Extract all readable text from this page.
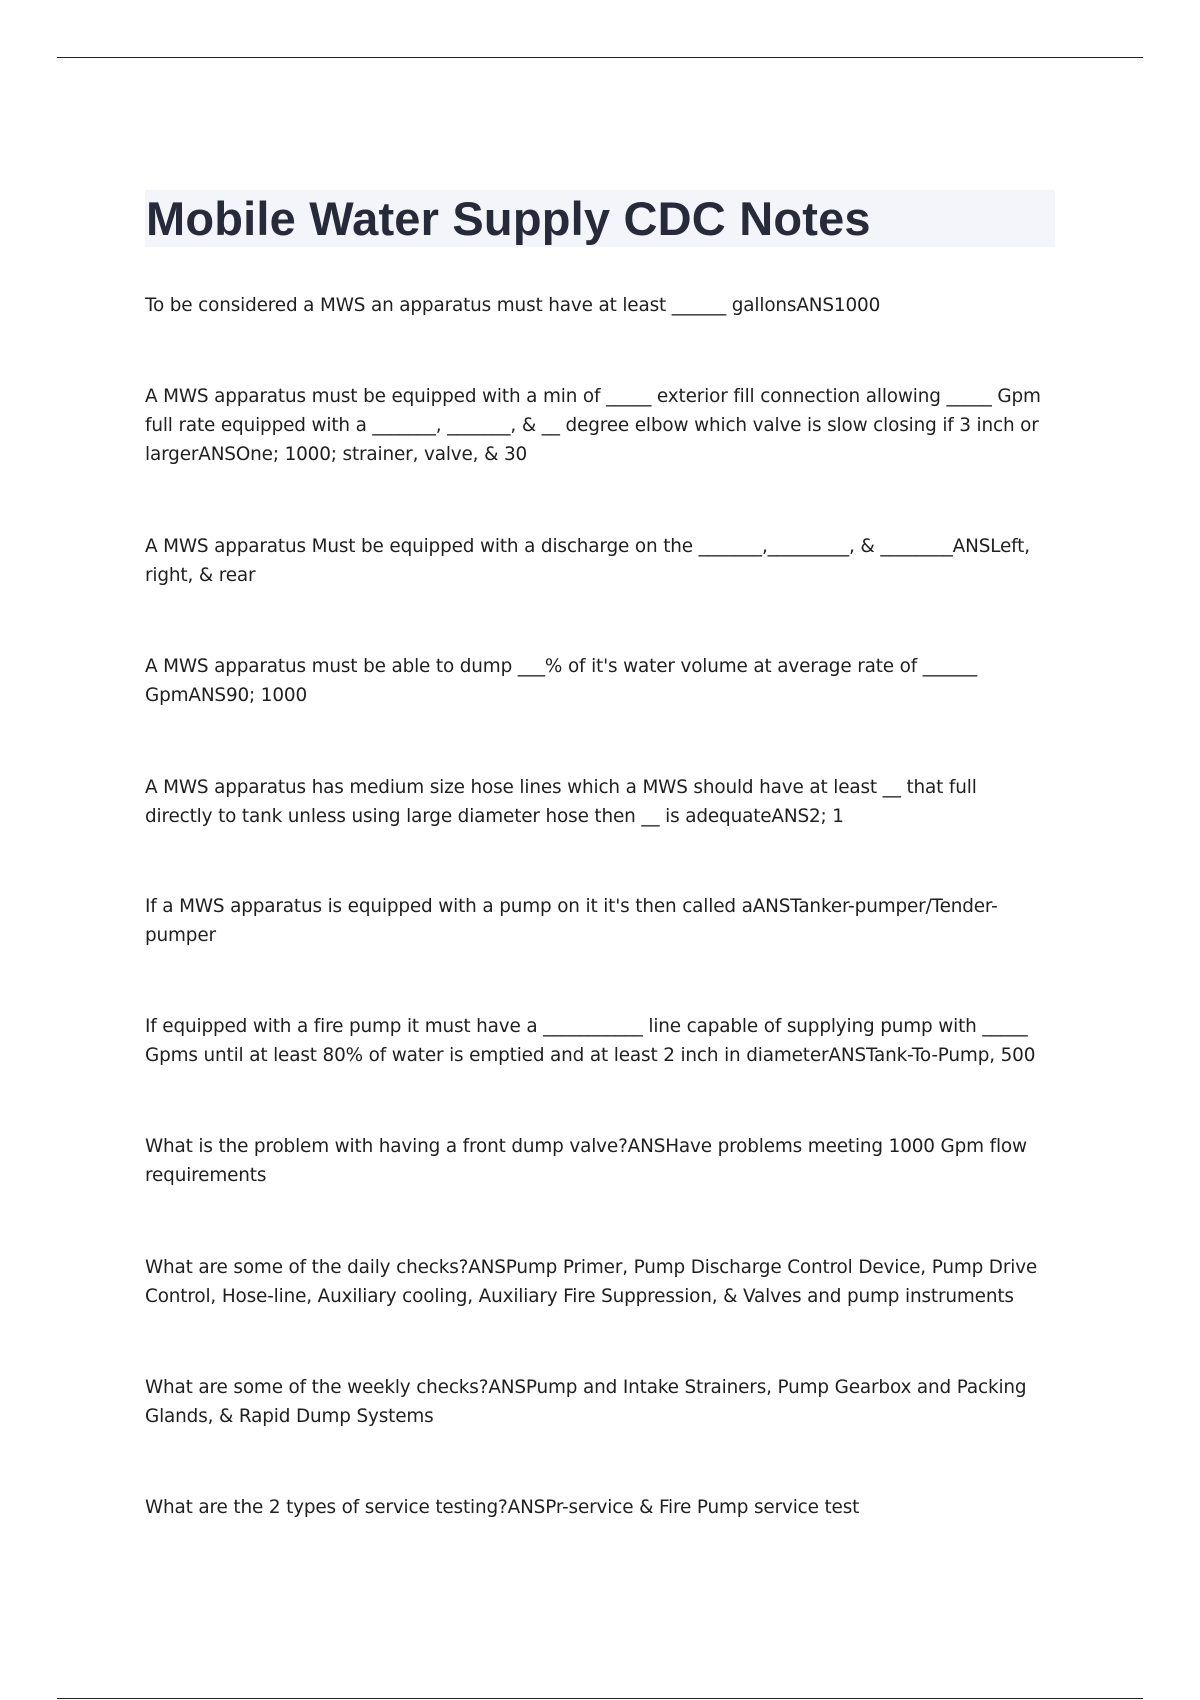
Mobile Water Supply CDC Notes

To be considered a MWS an apparatus must have at least ______ gallonsANS1000

A MWS apparatus must be equipped with a min of _____ exterior fill connection allowing _____ Gpm full rate equipped with a _______, _______, & __ degree elbow which valve is slow closing if 3 inch or largerANSOne; 1000; strainer, valve, & 30

A MWS apparatus Must be equipped with a discharge on the _______,_________, & ________ANSLeft, right, & rear

A MWS apparatus must be able to dump ___% of it's water volume at average rate of ______ GpmANS90; 1000

A MWS apparatus has medium size hose lines which a MWS should have at least __ that full directly to tank unless using large diameter hose then __ is adequateANS2; 1

If a MWS apparatus is equipped with a pump on it it's then called aANSTanker-pumper/Tender-pumper

If equipped with a fire pump it must have a ___________ line capable of supplying pump with _____ Gpms until at least 80% of water is emptied and at least 2 inch in diameterANSTank-To-Pump, 500

What is the problem with having a front dump valve?ANSHave problems meeting 1000 Gpm flow requirements

What are some of the daily checks?ANSPump Primer, Pump Discharge Control Device, Pump Drive Control, Hose-line, Auxiliary cooling, Auxiliary Fire Suppression, & Valves and pump instruments

What are some of the weekly checks?ANSPump and Intake Strainers, Pump Gearbox and Packing Glands, & Rapid Dump Systems

What are the 2 types of service testing?ANSPr-service & Fire Pump service test
